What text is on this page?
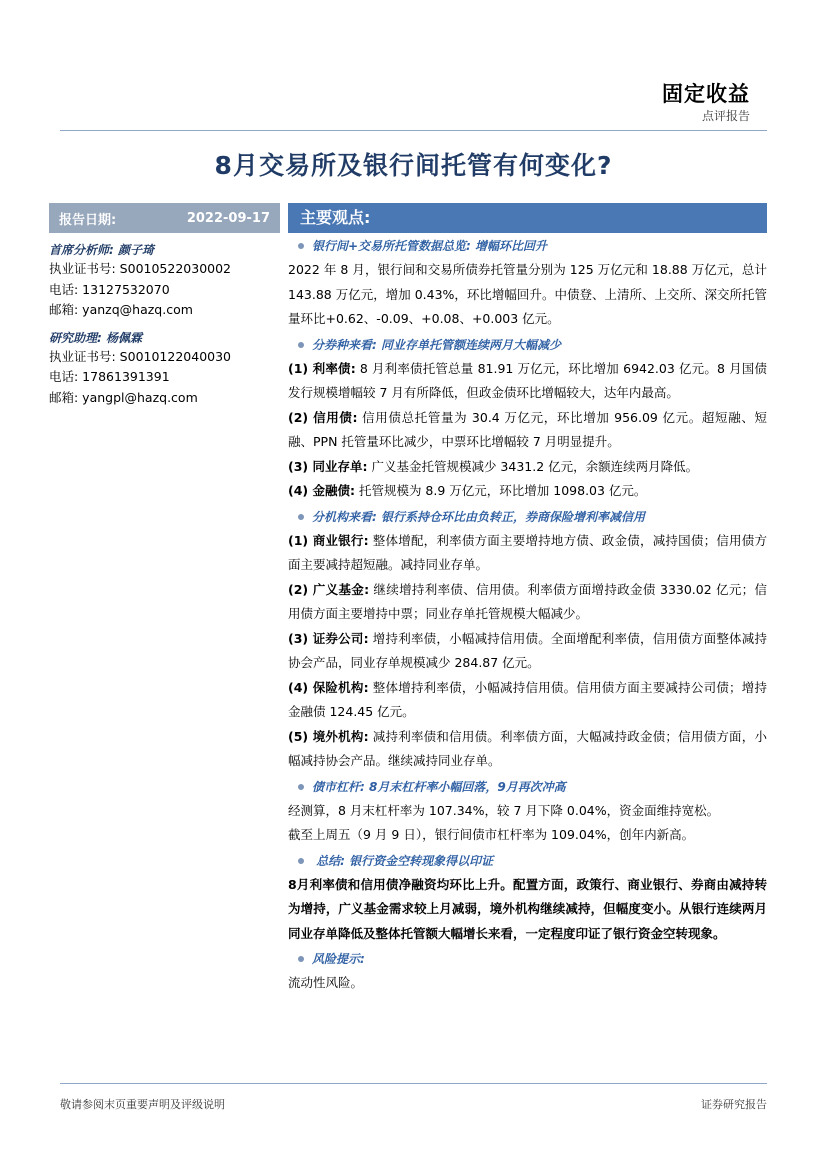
固定收益
点评报告
8月交易所及银行间托管有何变化?
报告日期:	2022-09-17
首席分析师: 颜子琦
执业证书号: S0010522030002
电话: 13127532070
邮箱: yanzq@hazq.com
研究助理: 杨佩霖
执业证书号: S0010122040030
电话: 17861391391
邮箱: yangpl@hazq.com
主要观点:
银行间+交易所托管数据总览: 增幅环比回升
2022 年 8 月，银行间和交易所债券托管量分别为 125 万亿元和 18.88 万亿元，总计 143.88 万亿元，增加 0.43%，环比增幅回升。中债登、上清所、上交所、深交所托管量环比+0.62、-0.09、+0.08、+0.003 亿元。
分券种来看: 同业存单托管额连续两月大幅减少
(1) 利率债: 8 月利率债托管总量 81.91 万亿元，环比增加 6942.03 亿元。8 月国债发行规模增幅较 7 月有所降低，但政金债环比增幅较大，达年内最高。
(2) 信用债: 信用债总托管量为 30.4 万亿元，环比增加 956.09 亿元。超短融、短融、PPN 托管量环比减少，中票环比增幅较 7 月明显提升。
(3) 同业存单: 广义基金托管规模减少 3431.2 亿元，余额连续两月降低。
(4) 金融债: 托管规模为 8.9 万亿元，环比增加 1098.03 亿元。
分机构来看: 银行系持仓环比由负转正，券商保险增利率减信用
(1) 商业银行: 整体增配，利率债方面主要增持地方债、政金债，减持国债；信用债方面主要减持超短融。减持同业存单。
(2) 广义基金: 继续增持利率债、信用债。利率债方面增持政金债 3330.02 亿元；信用债方面主要增持中票；同业存单托管规模大幅减少。
(3) 证券公司: 增持利率债，小幅减持信用债。全面增配利率债，信用债方面整体减持协会产品，同业存单规模减少 284.87 亿元。
(4) 保险机构: 整体增持利率债，小幅减持信用债。信用债方面主要减持公司债；增持金融债 124.45 亿元。
(5) 境外机构: 减持利率债和信用债。利率债方面，大幅减持政金债；信用债方面，小幅减持协会产品。继续减持同业存单。
债市杠杆: 8月末杠杆率小幅回落，9月再次冲高
经测算，8 月末杠杆率为 107.34%，较 7 月下降 0.04%，资金面维持宽松。
截至上周五（9 月 9 日），银行间债市杠杆率为 109.04%，创年内新高。
总结: 银行资金空转现象得以印证
8月利率债和信用债净融资均环比上升。配置方面，政策行、商业银行、券商由减持转为增持，广义基金需求较上月减弱，境外机构继续减持，但幅度变小。从银行连续两月同业存单降低及整体托管额大幅增长来看，一定程度印证了银行资金空转现象。
风险提示:
流动性风险。
敬请参阅末页重要声明及评级说明	证券研究报告
